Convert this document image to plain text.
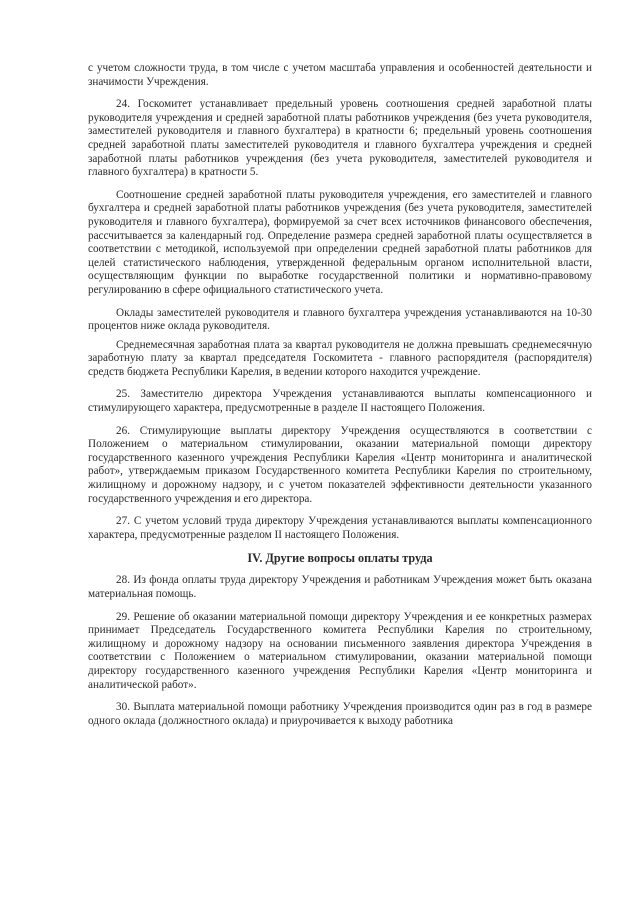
с учетом сложности труда, в том числе с учетом масштаба управления и особенностей деятельности и значимости Учреждения.

24. Госкомитет устанавливает предельный уровень соотношения средней заработной платы руководителя учреждения и средней заработной платы работников учреждения (без учета руководителя, заместителей руководителя и главного бухгалтера) в кратности 6; предельный уровень соотношения средней заработной платы заместителей руководителя и главного бухгалтера учреждения и средней заработной платы работников учреждения (без учета руководителя, заместителей руководителя и главного бухгалтера) в кратности 5.

Соотношение средней заработной платы руководителя учреждения, его заместителей и главного бухгалтера и средней заработной платы работников учреждения (без учета руководителя, заместителей руководителя и главного бухгалтера), формируемой за счет всех источников финансового обеспечения, рассчитывается за календарный год. Определение размера средней заработной платы осуществляется в соответствии с методикой, используемой при определении средней заработной платы работников для целей статистического наблюдения, утвержденной федеральным органом исполнительной власти, осуществляющим функции по выработке государственной политики и нормативно-правовому регулированию в сфере официального статистического учета.

Оклады заместителей руководителя и главного бухгалтера учреждения устанавливаются на 10-30 процентов ниже оклада руководителя.

Среднемесячная заработная плата за квартал руководителя не должна превышать среднемесячную заработную плату за квартал председателя Госкомитета - главного распорядителя (распорядителя) средств бюджета Республики Карелия, в ведении которого находится учреждение.

25. Заместителю директора Учреждения устанавливаются выплаты компенсационного и стимулирующего характера, предусмотренные в разделе II настоящего Положения.

26. Стимулирующие выплаты директору Учреждения осуществляются в соответствии с Положением о материальном стимулировании, оказании материальной помощи директору государственного казенного учреждения Республики Карелия «Центр мониторинга и аналитической работ», утверждаемым приказом Государственного комитета Республики Карелия по строительному, жилищному и дорожному надзору, и с учетом показателей эффективности деятельности указанного государственного учреждения и его директора.

27. С учетом условий труда директору Учреждения устанавливаются выплаты компенсационного характера, предусмотренные разделом II настоящего Положения.

IV. Другие вопросы оплаты труда

28. Из фонда оплаты труда директору Учреждения и работникам Учреждения может быть оказана материальная помощь.

29. Решение об оказании материальной помощи директору Учреждения и ее конкретных размерах принимает Председатель Государственного комитета Республики Карелия по строительному, жилищному и дорожному надзору на основании письменного заявления директора Учреждения в соответствии с Положением о материальном стимулировании, оказании материальной помощи директору государственного казенного учреждения Республики Карелия «Центр мониторинга и аналитической работ».

30. Выплата материальной помощи работнику Учреждения производится один раз в год в размере одного оклада (должностного оклада) и приурочивается к выходу работника
